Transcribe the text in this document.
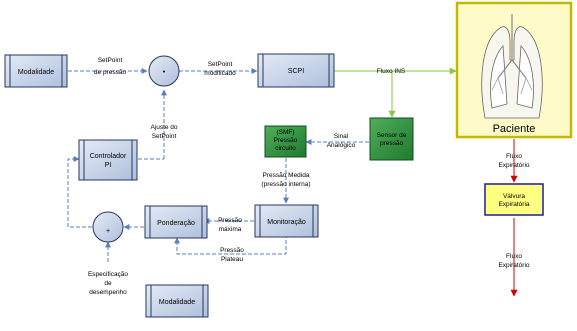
Modalidade	SCPI
Controlador
PI
(SMF)
Pressão
circuito
Sensor de
pressão
Ponderação	Monitoração
Modalidade
•
+
Paciente
Válvura
Expiratória
SetPoint
de pressão
SetPoint
modificado	Fluxo INS
Ajuste do
SetPoint	Sinal
Analógico
Pressão Medida
(pressão interna)
Pressão
máxima
Pressão
Plateau
Especificação
de
desempenho
Fluxo
Expiratório
Fluxo
Expiratório
